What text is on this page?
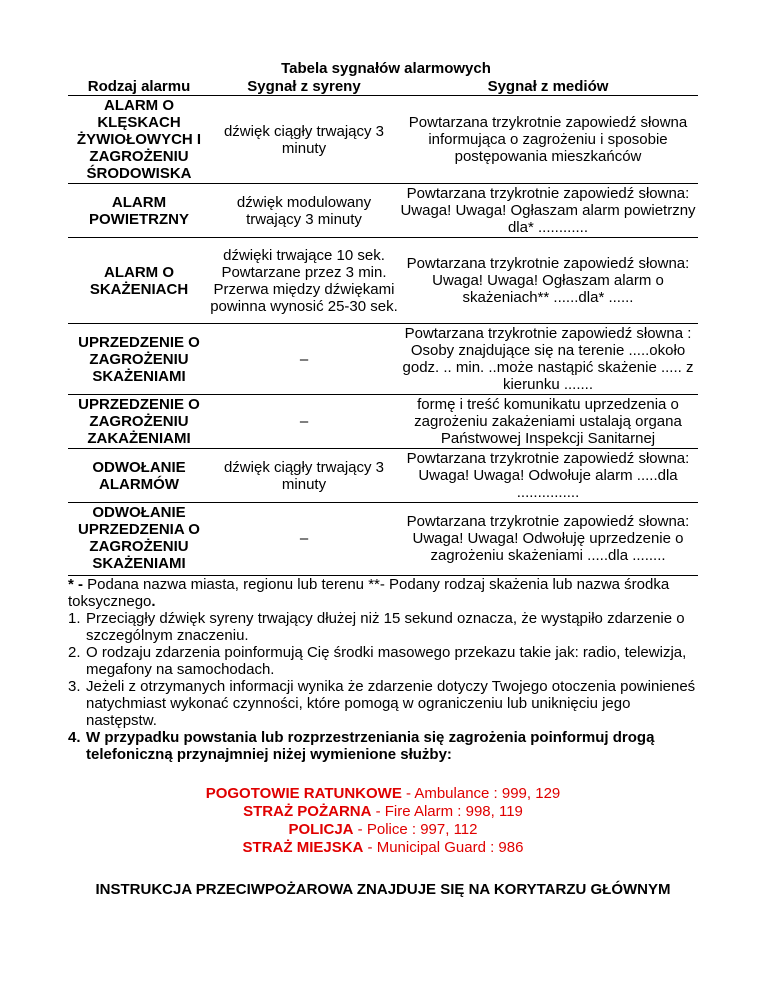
Tabela sygnałów alarmowych
Rodzaj alarmu	Sygnał z syreny	Sygnał z mediów
ALARM O KLĘSKACH ŻYWIOŁOWYCH I ZAGROŻENIU ŚRODOWISKA	dźwięk ciągły trwający 3 minuty	Powtarzana trzykrotnie zapowiedź słowna informująca o zagrożeniu i sposobie postępowania mieszkańców
ALARM POWIETRZNY	dźwięk modulowany trwający 3 minuty	Powtarzana trzykrotnie zapowiedź słowna: Uwaga! Uwaga! Ogłaszam alarm powietrzny dla* ............
ALARM O SKAŻENIACH	dźwięki trwające 10 sek. Powtarzane przez 3 min. Przerwa między dźwiękami powinna wynosić 25-30 sek.	Powtarzana trzykrotnie zapowiedź słowna: Uwaga! Uwaga! Ogłaszam alarm o skażeniach** ......dla* ......
UPRZEDZENIE O ZAGROŻENIU SKAŻENIAMI	–	Powtarzana trzykrotnie zapowiedź słowna : Osoby znajdujące się na terenie .....około godz. .. min. ..może nastąpić skażenie ..... z kierunku .......
UPRZEDZENIE O ZAGROŻENIU ZAKAŻENIAMI	–	formę i treść komunikatu uprzedzenia o zagrożeniu zakażeniami ustalają organa Państwowej Inspekcji Sanitarnej
ODWOŁANIE ALARMÓW	dźwięk ciągły trwający 3 minuty	Powtarzana trzykrotnie zapowiedź słowna: Uwaga! Uwaga! Odwołuje alarm .....dla ...............
ODWOŁANIE UPRZEDZENIA O ZAGROŻENIU SKAŻENIAMI	–	Powtarzana trzykrotnie zapowiedź słowna: Uwaga! Uwaga! Odwołuję uprzedzenie o zagrożeniu skażeniami .....dla ........

* - Podana nazwa miasta, regionu lub terenu **- Podany rodzaj skażenia lub nazwa środka toksycznego.

1. Przeciągły dźwięk syreny trwający dłużej niż 15 sekund oznacza, że wystąpiło zdarzenie o szczególnym znaczeniu.
2. O rodzaju zdarzenia poinformują Cię środki masowego przekazu takie jak: radio, telewizja, megafony na samochodach.
3. Jeżeli z otrzymanych informacji wynika że zdarzenie dotyczy Twojego otoczenia powinieneś natychmiast wykonać czynności, które pomogą w ograniczeniu lub uniknięciu jego następstw.
4. W przypadku powstania lub rozprzestrzeniania się zagrożenia poinformuj drogą telefoniczną przynajmniej niżej wymienione służby:
POGOTOWIE RATUNKOWE - Ambulance : 999, 129
STRAŻ POŻARNA - Fire Alarm : 998, 119
POLICJA - Police : 997, 112
STRAŻ MIEJSKA - Municipal Guard : 986
INSTRUKCJA PRZECIWPOŻAROWA ZNAJDUJE SIĘ NA KORYTARZU GŁÓWNYM
